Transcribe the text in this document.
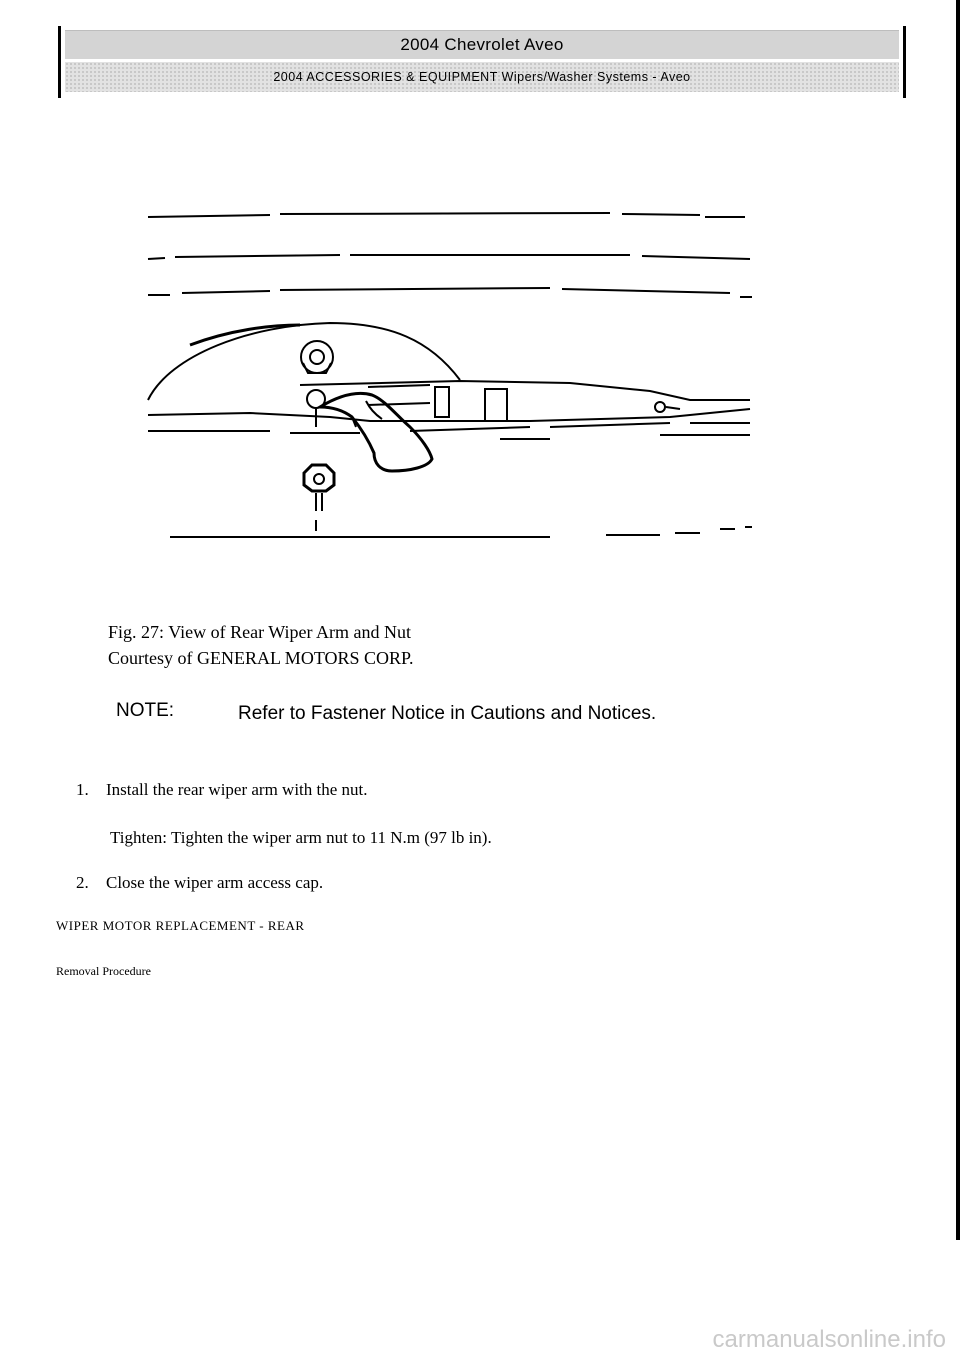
2004 Chevrolet Aveo
2004 ACCESSORIES & EQUIPMENT Wipers/Washer Systems - Aveo
Fig. 27: View of Rear Wiper Arm and Nut
Courtesy of GENERAL MOTORS CORP.
NOTE:	Refer to Fastener Notice in Cautions and Notices.
1. Install the rear wiper arm with the nut.
Tighten: Tighten the wiper arm nut to 11 N.m (97 lb in).
2. Close the wiper arm access cap.
WIPER MOTOR REPLACEMENT - REAR
Removal Procedure
carmanualsonline.info
